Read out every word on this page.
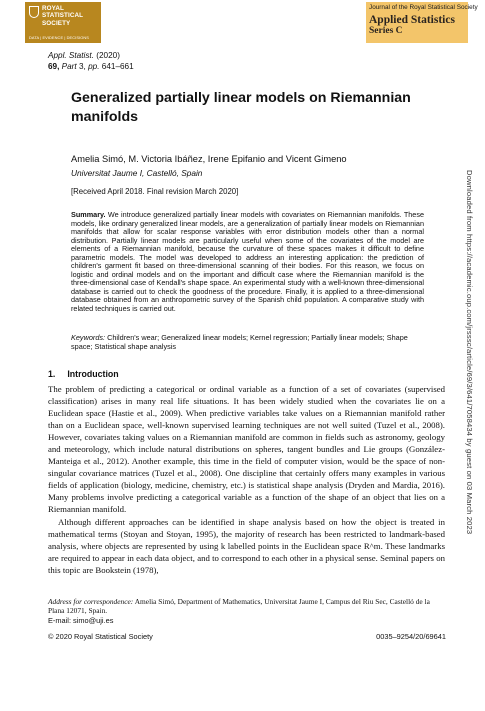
ROYAL STATISTICAL SOCIETY
DATA | EVIDENCE | DECISIONS
Journal of the Royal Statistical Society
Applied Statistics
Series C
Appl. Statist. (2020)
69, Part 3, pp. 641–661
Generalized partially linear models on Riemannian manifolds
Amelia Simó, M. Victoria Ibáñez, Irene Epifanio and Vicent Gimeno
Universitat Jaume I, Castelló, Spain
[Received April 2018. Final revision March 2020]
Summary. We introduce generalized partially linear models with covariates on Riemannian manifolds. These models, like ordinary generalized linear models, are a generalization of partially linear models on Riemannian manifolds that allow for scalar response variables with error distribution models other than a normal distribution. Partially linear models are particularly useful when some of the covariates of the model are elements of a Riemannian manifold, because the curvature of these spaces makes it difficult to define parametric models. The model was developed to address an interesting application: the prediction of children's garment fit based on three-dimensional scanning of their bodies. For this reason, we focus on logistic and ordinal models and on the important and difficult case where the Riemannian manifold is the three-dimensional case of Kendall's shape space. An experimental study with a well-known three-dimensional database is carried out to check the goodness of the procedure. Finally, it is applied to a three-dimensional database obtained from an anthropometric survey of the Spanish child population. A comparative study with related techniques is carried out.
Keywords: Children's wear; Generalized linear models; Kernel regression; Partially linear models; Shape space; Statistical shape analysis
1. Introduction

The problem of predicting a categorical or ordinal variable as a function of a set of covariates (supervised classification) arises in many real life situations. It has been widely studied when the covariates lie on a Euclidean space (Hastie et al., 2009). When predictive variables take values on a Riemannian manifold rather than on a Euclidean space, well-known supervised learning techniques are not well suited (Tuzel et al., 2008). However, covariates taking values on a Riemannian manifold are common in fields such as astronomy, geology and meteorology, which include natural distributions on spheres, tangent bundles and Lie groups (González-Manteiga et al., 2012). Another example, this time in the field of computer vision, would be the space of non-singular covariance matrices (Tuzel et al., 2008). One discipline that certainly offers many examples in various fields of application (biology, medicine, chemistry, etc.) is statistical shape analysis (Dryden and Mardia, 2016). Many problems involve predicting a categorical variable as a function of the shape of an object that lies on a Riemannian manifold.

Although different approaches can be identified in shape analysis based on how the object is treated in mathematical terms (Stoyan and Stoyan, 1995), the majority of research has been restricted to landmark-based analysis, where objects are represented by using k labelled points in the Euclidean space R^m. These landmarks are required to appear in each data object, and to correspond to each other in a physical sense. Seminal papers on this topic are Bookstein (1978),

Address for correspondence: Amelia Simó, Department of Mathematics, Universitat Jaume I, Campus del Riu Sec, Castelló de la Plana 12071, Spain.
E-mail: simo@uji.es
© 2020 Royal Statistical Society	0035–9254/20/69641
Downloaded from https://academic.oup.com/jrsssc/article/69/3/641/7058434 by guest on 03 March 2023
